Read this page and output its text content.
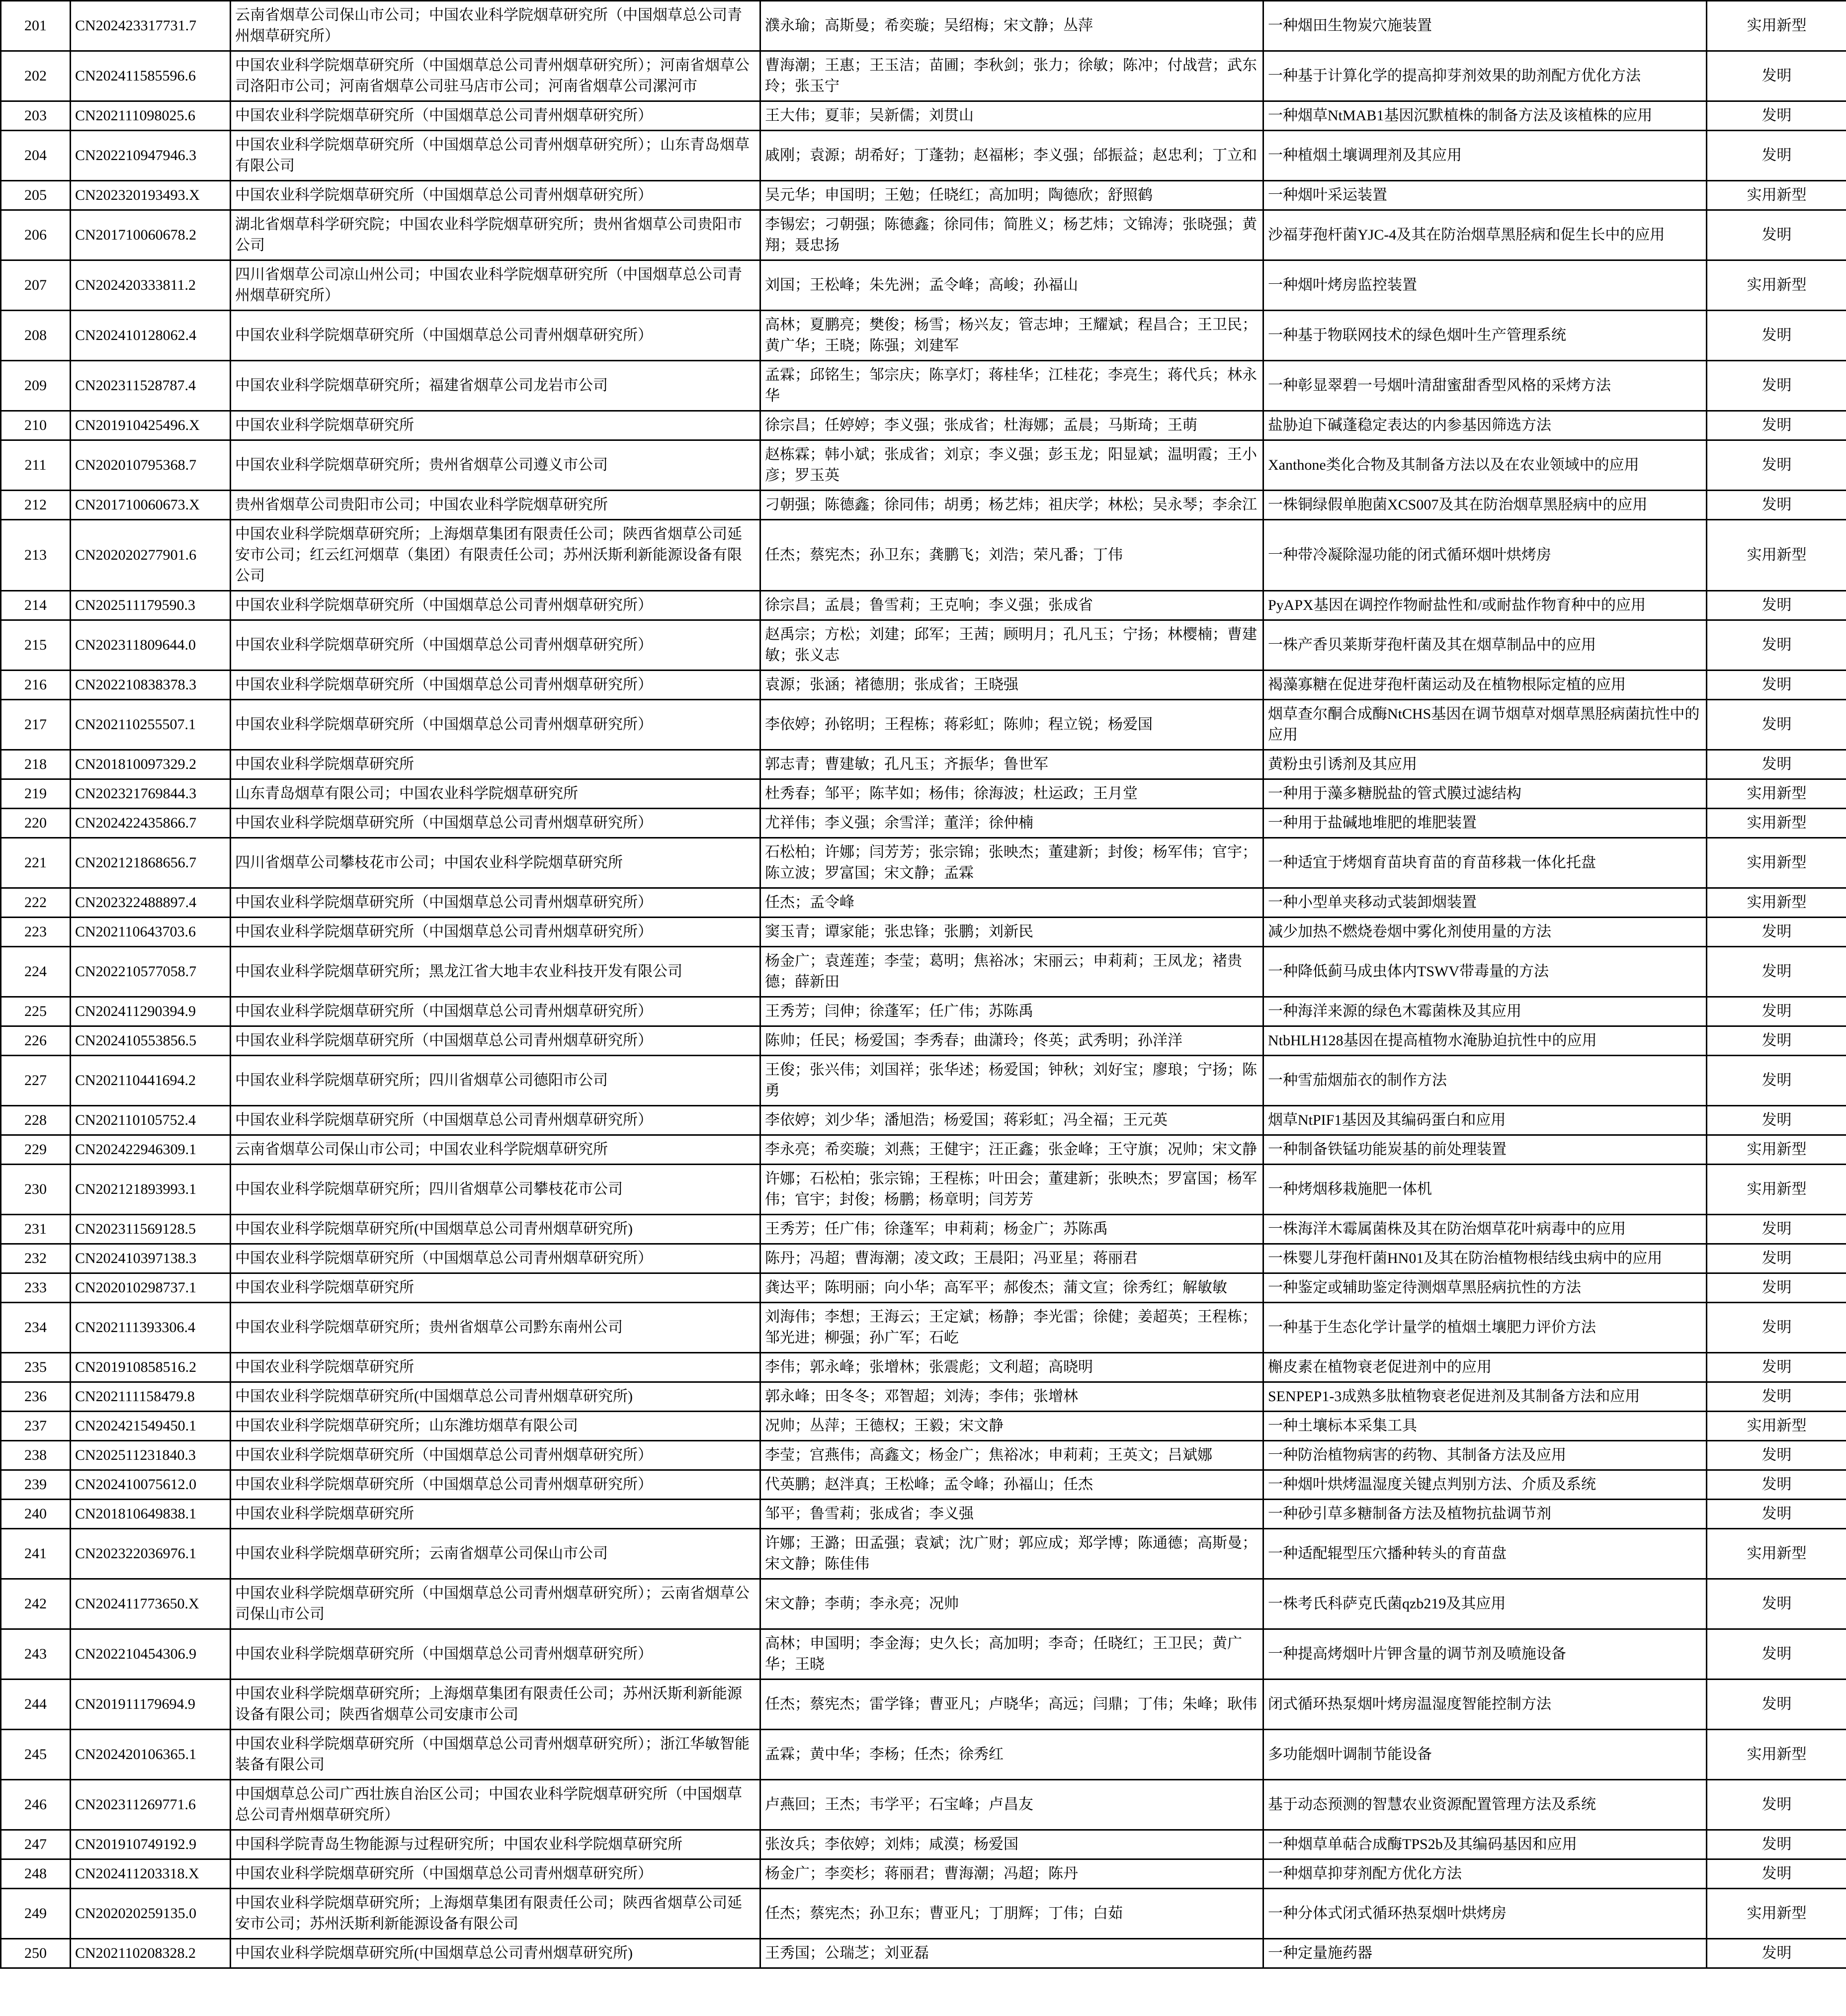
201	CN202423317731.7	云南省烟草公司保山市公司；中国农业科学院烟草研究所（中国烟草总公司青州烟草研究所）	濮永瑜；高斯曼；希奕璇；吴绍梅；宋文静；丛萍	一种烟田生物炭穴施装置	实用新型
202	CN202411585596.6	中国农业科学院烟草研究所（中国烟草总公司青州烟草研究所）；河南省烟草公司洛阳市公司；河南省烟草公司驻马店市公司；河南省烟草公司漯河市	曹海潮；王惠；王玉洁；苗圃；李秋剑；张力；徐敏；陈冲；付战营；武东玲；张玉宁	一种基于计算化学的提高抑芽剂效果的助剂配方优化方法	发明
203	CN202111098025.6	中国农业科学院烟草研究所（中国烟草总公司青州烟草研究所）	王大伟；夏菲；吴新儒；刘贯山	一种烟草NtMAB1基因沉默植株的制备方法及该植株的应用	发明
204	CN202210947946.3	中国农业科学院烟草研究所（中国烟草总公司青州烟草研究所）；山东青岛烟草有限公司	戚刚；袁源；胡希好；丁蓬勃；赵福彬；李义强；邰振益；赵忠利；丁立和	一种植烟土壤调理剂及其应用	发明
205	CN202320193493.X	中国农业科学院烟草研究所（中国烟草总公司青州烟草研究所）	吴元华；申国明；王勉；任晓红；高加明；陶德欣；舒照鹤	一种烟叶采运装置	实用新型
206	CN201710060678.2	湖北省烟草科学研究院；中国农业科学院烟草研究所；贵州省烟草公司贵阳市公司	李锡宏；刁朝强；陈德鑫；徐同伟；简胜义；杨艺炜；文锦涛；张晓强；黄翔；聂忠扬	沙福芽孢杆菌YJC-4及其在防治烟草黑胫病和促生长中的应用	发明
207	CN202420333811.2	四川省烟草公司凉山州公司；中国农业科学院烟草研究所（中国烟草总公司青州烟草研究所）	刘国；王松峰；朱先洲；孟令峰；高峻；孙福山	一种烟叶烤房监控装置	实用新型
208	CN202410128062.4	中国农业科学院烟草研究所（中国烟草总公司青州烟草研究所）	高林；夏鹏亮；樊俊；杨雪；杨兴友；管志坤；王耀斌；程昌合；王卫民；黄广华；王晓；陈强；刘建军	一种基于物联网技术的绿色烟叶生产管理系统	发明
209	CN202311528787.4	中国农业科学院烟草研究所；福建省烟草公司龙岩市公司	孟霖；邱铭生；邹宗庆；陈享灯；蒋桂华；江桂花；李亮生；蒋代兵；林永华	一种彰显翠碧一号烟叶清甜蜜甜香型风格的采烤方法	发明
210	CN201910425496.X	中国农业科学院烟草研究所	徐宗昌；任婷婷；李义强；张成省；杜海娜；孟晨；马斯琦；王萌	盐胁迫下碱蓬稳定表达的内参基因筛选方法	发明
211	CN202010795368.7	中国农业科学院烟草研究所；贵州省烟草公司遵义市公司	赵栋霖；韩小斌；张成省；刘京；李义强；彭玉龙；阳显斌；温明霞；王小彦；罗玉英	Xanthone类化合物及其制备方法以及在农业领域中的应用	发明
212	CN201710060673.X	贵州省烟草公司贵阳市公司；中国农业科学院烟草研究所	刁朝强；陈德鑫；徐同伟；胡勇；杨艺炜；祖庆学；林松；吴永琴；李余江	一株铜绿假单胞菌XCS007及其在防治烟草黑胫病中的应用	发明
213	CN202020277901.6	中国农业科学院烟草研究所；上海烟草集团有限责任公司；陕西省烟草公司延安市公司；红云红河烟草（集团）有限责任公司；苏州沃斯利新能源设备有限公司	任杰；蔡宪杰；孙卫东；龚鹏飞；刘浩；荣凡番；丁伟	一种带冷凝除湿功能的闭式循环烟叶烘烤房	实用新型
214	CN202511179590.3	中国农业科学院烟草研究所（中国烟草总公司青州烟草研究所）	徐宗昌；孟晨；鲁雪莉；王克响；李义强；张成省	PyAPX基因在调控作物耐盐性和/或耐盐作物育种中的应用	发明
215	CN202311809644.0	中国农业科学院烟草研究所（中国烟草总公司青州烟草研究所）	赵禹宗；方松；刘建；邱军；王茜；顾明月；孔凡玉；宁扬；林樱楠；曹建敏；张义志	一株产香贝莱斯芽孢杆菌及其在烟草制品中的应用	发明
216	CN202210838378.3	中国农业科学院烟草研究所（中国烟草总公司青州烟草研究所）	袁源；张涵；褚德朋；张成省；王晓强	褐藻寡糖在促进芽孢杆菌运动及在植物根际定植的应用	发明
217	CN202110255507.1	中国农业科学院烟草研究所（中国烟草总公司青州烟草研究所）	李依婷；孙铭明；王程栋；蒋彩虹；陈帅；程立锐；杨爱国	烟草查尔酮合成酶NtCHS基因在调节烟草对烟草黑胫病菌抗性中的应用	发明
218	CN201810097329.2	中国农业科学院烟草研究所	郭志青；曹建敏；孔凡玉；齐振华；鲁世军	黄粉虫引诱剂及其应用	发明
219	CN202321769844.3	山东青岛烟草有限公司；中国农业科学院烟草研究所	杜秀春；邹平；陈芊如；杨伟；徐海波；杜运政；王月堂	一种用于藻多糖脱盐的管式膜过滤结构	实用新型
220	CN202422435866.7	中国农业科学院烟草研究所（中国烟草总公司青州烟草研究所）	尤祥伟；李义强；余雪洋；董洋；徐仲楠	一种用于盐碱地堆肥的堆肥装置	实用新型
221	CN202121868656.7	四川省烟草公司攀枝花市公司；中国农业科学院烟草研究所	石松柏；许娜；闫芳芳；张宗锦；张映杰；董建新；封俊；杨军伟；官宇；陈立波；罗富国；宋文静；孟霖	一种适宜于烤烟育苗块育苗的育苗移栽一体化托盘	实用新型
222	CN202322488897.4	中国农业科学院烟草研究所（中国烟草总公司青州烟草研究所）	任杰；孟令峰	一种小型单夹移动式装卸烟装置	实用新型
223	CN202110643703.6	中国农业科学院烟草研究所（中国烟草总公司青州烟草研究所）	窦玉青；谭家能；张忠锋；张鹏；刘新民	减少加热不燃烧卷烟中雾化剂使用量的方法	发明
224	CN202210577058.7	中国农业科学院烟草研究所；黑龙江省大地丰农业科技开发有限公司	杨金广；袁莲莲；李莹；葛明；焦裕冰；宋丽云；申莉莉；王凤龙；褚贵德；薛新田	一种降低蓟马成虫体内TSWV带毒量的方法	发明
225	CN202411290394.9	中国农业科学院烟草研究所（中国烟草总公司青州烟草研究所）	王秀芳；闫伸；徐蓬军；任广伟；苏陈禹	一种海洋来源的绿色木霉菌株及其应用	发明
226	CN202410553856.5	中国农业科学院烟草研究所（中国烟草总公司青州烟草研究所）	陈帅；任民；杨爱国；李秀春；曲潇玲；佟英；武秀明；孙洋洋	NtbHLH128基因在提高植物水淹胁迫抗性中的应用	发明
227	CN202110441694.2	中国农业科学院烟草研究所；四川省烟草公司德阳市公司	王俊；张兴伟；刘国祥；张华述；杨爱国；钟秋；刘好宝；廖琅；宁扬；陈勇	一种雪茄烟茄衣的制作方法	发明
228	CN202110105752.4	中国农业科学院烟草研究所（中国烟草总公司青州烟草研究所）	李依婷；刘少华；潘旭浩；杨爱国；蒋彩虹；冯全福；王元英	烟草NtPIF1基因及其编码蛋白和应用	发明
229	CN202422946309.1	云南省烟草公司保山市公司；中国农业科学院烟草研究所	李永亮；希奕璇；刘燕；王健宇；汪正鑫；张金峰；王守旗；况帅；宋文静	一种制备铁锰功能炭基的前处理装置	实用新型
230	CN202121893993.1	中国农业科学院烟草研究所；四川省烟草公司攀枝花市公司	许娜；石松柏；张宗锦；王程栋；叶田会；董建新；张映杰；罗富国；杨军伟；官宇；封俊；杨鹏；杨章明；闫芳芳	一种烤烟移栽施肥一体机	实用新型
231	CN202311569128.5	中国农业科学院烟草研究所(中国烟草总公司青州烟草研究所)	王秀芳；任广伟；徐蓬军；申莉莉；杨金广；苏陈禹	一株海洋木霉属菌株及其在防治烟草花叶病毒中的应用	发明
232	CN202410397138.3	中国农业科学院烟草研究所（中国烟草总公司青州烟草研究所）	陈丹；冯超；曹海潮；凌文政；王晨阳；冯亚星；蒋丽君	一株婴儿芽孢杆菌HN01及其在防治植物根结线虫病中的应用	发明
233	CN202010298737.1	中国农业科学院烟草研究所	龚达平；陈明丽；向小华；高军平；郝俊杰；蒲文宣；徐秀红；解敏敏	一种鉴定或辅助鉴定待测烟草黑胫病抗性的方法	发明
234	CN202111393306.4	中国农业科学院烟草研究所；贵州省烟草公司黔东南州公司	刘海伟；李想；王海云；王定斌；杨静；李光雷；徐健；姜超英；王程栋；邹光进；柳强；孙广军；石屹	一种基于生态化学计量学的植烟土壤肥力评价方法	发明
235	CN201910858516.2	中国农业科学院烟草研究所	李伟；郭永峰；张增林；张震彪；文利超；高晓明	槲皮素在植物衰老促进剂中的应用	发明
236	CN202111158479.8	中国农业科学院烟草研究所(中国烟草总公司青州烟草研究所)	郭永峰；田冬冬；邓智超；刘涛；李伟；张增林	SENPEP1-3成熟多肽植物衰老促进剂及其制备方法和应用	发明
237	CN202421549450.1	中国农业科学院烟草研究所；山东潍坊烟草有限公司	况帅；丛萍；王德权；王毅；宋文静	一种土壤标本采集工具	实用新型
238	CN202511231840.3	中国农业科学院烟草研究所（中国烟草总公司青州烟草研究所）	李莹；宫燕伟；高鑫文；杨金广；焦裕冰；申莉莉；王英文；吕斌娜	一种防治植物病害的药物、其制备方法及应用	发明
239	CN202410075612.0	中国农业科学院烟草研究所（中国烟草总公司青州烟草研究所）	代英鹏；赵泮真；王松峰；孟令峰；孙福山；任杰	一种烟叶烘烤温湿度关键点判别方法、介质及系统	发明
240	CN201810649838.1	中国农业科学院烟草研究所	邹平；鲁雪莉；张成省；李义强	一种砂引草多糖制备方法及植物抗盐调节剂	发明
241	CN202322036976.1	中国农业科学院烟草研究所；云南省烟草公司保山市公司	许娜；王潞；田孟强；袁斌；沈广财；郭应成；郑学博；陈通德；高斯曼；宋文静；陈佳伟	一种适配辊型压穴播种转头的育苗盘	实用新型
242	CN202411773650.X	中国农业科学院烟草研究所（中国烟草总公司青州烟草研究所）；云南省烟草公司保山市公司	宋文静；李萌；李永亮；况帅	一株考氏科萨克氏菌qzb219及其应用	发明
243	CN202210454306.9	中国农业科学院烟草研究所（中国烟草总公司青州烟草研究所）	高林；申国明；李金海；史久长；高加明；李奇；任晓红；王卫民；黄广华；王晓	一种提高烤烟叶片钾含量的调节剂及喷施设备	发明
244	CN201911179694.9	中国农业科学院烟草研究所；上海烟草集团有限责任公司；苏州沃斯利新能源设备有限公司；陕西省烟草公司安康市公司	任杰；蔡宪杰；雷学锋；曹亚凡；卢晓华；高远；闫鼎；丁伟；朱峰；耿伟	闭式循环热泵烟叶烤房温湿度智能控制方法	发明
245	CN202420106365.1	中国农业科学院烟草研究所（中国烟草总公司青州烟草研究所）；浙江华敏智能装备有限公司	孟霖；黄中华；李杨；任杰；徐秀红	多功能烟叶调制节能设备	实用新型
246	CN202311269771.6	中国烟草总公司广西壮族自治区公司；中国农业科学院烟草研究所（中国烟草总公司青州烟草研究所）	卢燕回；王杰；韦学平；石宝峰；卢昌友	基于动态预测的智慧农业资源配置管理方法及系统	发明
247	CN201910749192.9	中国科学院青岛生物能源与过程研究所；中国农业科学院烟草研究所	张汝兵；李依婷；刘炜；咸漠；杨爱国	一种烟草单萜合成酶TPS2b及其编码基因和应用	发明
248	CN202411203318.X	中国农业科学院烟草研究所（中国烟草总公司青州烟草研究所）	杨金广；李奕杉；蒋丽君；曹海潮；冯超；陈丹	一种烟草抑芽剂配方优化方法	发明
249	CN202020259135.0	中国农业科学院烟草研究所；上海烟草集团有限责任公司；陕西省烟草公司延安市公司；苏州沃斯利新能源设备有限公司	任杰；蔡宪杰；孙卫东；曹亚凡；丁朋辉；丁伟；白茹	一种分体式闭式循环热泵烟叶烘烤房	实用新型
250	CN202110208328.2	中国农业科学院烟草研究所(中国烟草总公司青州烟草研究所)	王秀国；公瑞芝；刘亚磊	一种定量施药器	发明
